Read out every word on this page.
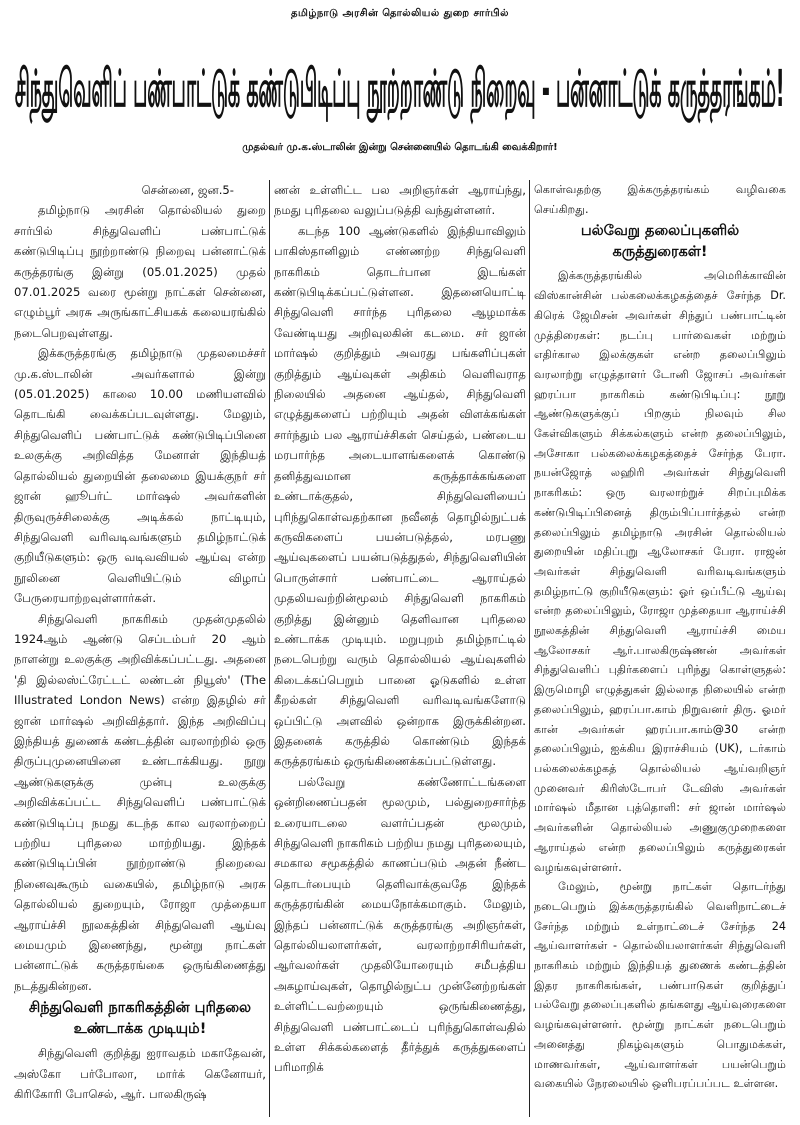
தமிழ்நாடு அரசின் தொல்லியல் துறை சார்பில்
சிந்துவெளிப் பண்பாட்டுக் கண்டுபிடிப்பு நூற்றாண்டு நிறைவு - பன்னாட்டுக் கருத்தரங்கம்!
முதல்வர் மு.க.ஸ்டாலின் இன்று சென்னையில் தொடங்கி வைக்கிறார்!

சென்னை, ஜன.5-

தமிழ்நாடு அரசின் தொல்லியல் துறை சார்பில் சிந்துவெளிப் பண்பாட்டுக் கண்டுபிடிப்பு நூற்றாண்டு நிறைவு பன்னாட்டுக் கருத்தரங்கு இன்று (05.01.2025) முதல் 07.01.2025 வரை மூன்று நாட்கள் சென்னை, எழும்பூர் அரசு அருங்காட்சியகக் கலையரங்கில் நடைபெறவுள்ளது.

இக்கருத்தரங்கு தமிழ்நாடு முதலமைச்சர் மு.க.ஸ்டாலின் அவர்களால் இன்று (05.01.2025) காலை 10.00 மணியளவில் தொடங்கி வைக்கப்படவுள்ளது. மேலும், சிந்துவெளிப் பண்பாட்டுக் கண்டுபிடிப்பினை உலகுக்கு அறிவித்த மேனாள் இந்தியத் தொல்லியல் துறையின் தலைமை இயக்குநர் சர் ஜான் ஹூபர்ட் மார்ஷல் அவர்களின் திருவுருச்சிலைக்கு அடிக்கல் நாட்டியும், சிந்துவெளி வரிவடிவங்களும் தமிழ்நாட்டுக் குறியீடுகளும்: ஒரு வடிவவியல் ஆய்வு என்ற நூலினை வெளியிட்டும் விழாப் பேருரையாற்றவுள்ளார்கள்.

சிந்துவெளி நாகரிகம் முதன்முதலில் 1924ஆம் ஆண்டு செப்டம்பர் 20 ஆம் நாளன்று உலகுக்கு அறிவிக்கப்பட்டது. அதனை 'தி இல்லஸ்ட்ரேட்டட் லண்டன் நியூஸ்' (The Illustrated London News) என்ற இதழில் சர் ஜான் மார்ஷல் அறிவித்தார். இந்த அறிவிப்பு இந்தியத் துணைக் கண்டத்தின் வரலாற்றில் ஒரு திருப்புமுனையினை உண்டாக்கியது. நூறு ஆண்டுகளுக்கு முன்பு உலகுக்கு அறிவிக்கப்பட்ட சிந்துவெளிப் பண்பாட்டுக் கண்டுபிடிப்பு நமது கடந்த கால வரலாற்றைப் பற்றிய புரிதலை மாற்றியது. இந்தக் கண்டுபிடிப்பின் நூற்றாண்டு நிறைவை நினைவுகூரும் வகையில், தமிழ்நாடு அரசு தொல்லியல் துறையும், ரோஜா முத்தையா ஆராய்ச்சி நூலகத்தின் சிந்துவெளி ஆய்வு மையமும் இணைந்து, மூன்று நாட்கள் பன்னாட்டுக் கருத்தரங்கை ஒருங்கிணைத்து நடத்துகின்றன.

சிந்துவெளி நாகரிகத்தின் புரிதலை உண்டாக்க முடியும்!

சிந்துவெளி குறித்து ஐராவதம் மகாதேவன், அஸ்கோ பர்போலா, மார்க் கெனோயர், கிரிகோரி போசெல், ஆர். பாலகிருஷ்

ணன் உள்ளிட்ட பல அறிஞர்கள் ஆராய்ந்து, நமது புரிதலை வலுப்படுத்தி வந்துள்ளனர்.

கடந்த 100 ஆண்டுகளில் இந்தியாவிலும் பாகிஸ்தானிலும் எண்ணற்ற சிந்துவெளி நாகரிகம் தொடர்பான இடங்கள் கண்டுபிடிக்கப்பட்டுள்ளன. இதனையொட்டி சிந்துவெளி சார்ந்த புரிதலை ஆழமாக்க வேண்டியது அறிவுலகின் கடமை. சர் ஜான் மார்ஷல் குறித்தும் அவரது பங்களிப்புகள் குறித்தும் ஆய்வுகள் அதிகம் வெளிவராத நிலையில் அதனை ஆய்தல், சிந்துவெளி எழுத்துகளைப் பற்றியும் அதன் விளக்கங்கள் சார்ந்தும் பல ஆராய்ச்சிகள் செய்தல், பண்டைய மரபார்ந்த அடையாளங்களைக் கொண்டு தனித்துவமான கருத்தாக்கங்களை உண்டாக்குதல், சிந்துவெளியைப் புரிந்துகொள்வதற்கான நவீனத் தொழில்நுட்பக் கருவிகளைப் பயன்படுத்தல், மரபணு ஆய்வுகளைப் பயன்படுத்துதல், சிந்துவெளியின் பொருள்சார் பண்பாட்டை ஆராய்தல் முதலியவற்றின்மூலம் சிந்துவெளி நாகரிகம் குறித்து இன்னும் தெளிவான புரிதலை உண்டாக்க முடியும். மறுபுறம் தமிழ்நாட்டில் நடைபெற்று வரும் தொல்லியல் ஆய்வுகளில் கிடைக்கப்பெறும் பானை ஓடுகளில் உள்ள கீறல்கள் சிந்துவெளி வரிவடிவங்களோடு ஒப்பிட்டு அளவில் ஒன்றாக இருக்கின்றன. இதனைக் கருத்தில் கொண்டும் இந்தக் கருத்தரங்கம் ஒருங்கிணைக்கப்பட்டுள்ளது.

பல்வேறு கண்ணோட்டங்களை ஒன்றிணைப்பதன் மூலமும், பல்துறைசார்ந்த உரையாடலை வளர்ப்பதன் மூலமும், சிந்துவெளி நாகரிகம் பற்றிய நமது புரிதலையும், சமகால சமூகத்தில் காணப்படும் அதன் நீண்ட தொடர்பையும் தெளிவாக்குவதே இந்தக் கருத்தரங்கின் மையநோக்கமாகும். மேலும், இந்தப் பன்னாட்டுக் கருத்தரங்கு அறிஞர்கள், தொல்லியலாளர்கள், வரலாற்றாசிரியர்கள், ஆர்வலர்கள் முதலியோரையும் சமீபத்திய அகழாய்வுகள், தொழில்நுட்ப முன்னேற்றங்கள் உள்ளிட்டவற்றையும் ஒருங்கிணைத்து, சிந்துவெளி பண்பாட்டைப் புரிந்துகொள்வதில் உள்ள சிக்கல்களைத் தீர்த்துக் கருத்துகளைப் பரிமாறிக்

கொள்வதற்கு இக்கருத்தரங்கம் வழிவகை செய்கிறது.

பல்வேறு தலைப்புகளில் கருத்துரைகள்!

இக்கருத்தரங்கில் அமெரிக்காவின் விஸ்கான்சின் பல்கலைக்கழகத்தைச் சேர்ந்த Dr. கிரெக் ஜேமிசன் அவர்கள் சிந்துப் பண்பாட்டின் முத்திரைகள்: நடப்பு பார்வைகள் மற்றும் எதிர்கால இலக்குகள் என்ற தலைப்பிலும் வரலாற்று எழுத்தாளர் டோனி ஜோசப் அவர்கள் ஹரப்பா நாகரிகம் கண்டுபிடிப்பு: நூறு ஆண்டுகளுக்குப் பிறகும் நிலவும் சில கேள்விகளும் சிக்கல்களும் என்ற தலைப்பிலும், அசோகா பல்கலைக்கழகத்தைச் சேர்ந்த பேரா. நயன்ஜோத் லஹிரி அவர்கள் சிந்துவெளி நாகரிகம்: ஒரு வரலாற்றுச் சிறப்புமிக்க கண்டுபிடிப்பினைத் திரும்பிப்பார்த்தல் என்ற தலைப்பிலும் தமிழ்நாடு அரசின் தொல்லியல் துறையின் மதிப்புறு ஆலோசகர் பேரா. ராஜன் அவர்கள் சிந்துவெளி வரிவடிவங்களும் தமிழ்நாட்டு குறியீடுகளும்: ஓர் ஒப்பீட்டு ஆய்வு என்ற தலைப்பிலும், ரோஜா முத்தையா ஆராய்ச்சி நூலகத்தின் சிந்துவெளி ஆராய்ச்சி மைய ஆலோசகர் ஆர்.பாலகிருஷ்ணன் அவர்கள் சிந்துவெளிப் புதிர்களைப் புரிந்து கொள்ளுதல்: இருமொழி எழுத்துகள் இல்லாத நிலையில் என்ற தலைப்பிலும், ஹரப்பா.காம் நிறுவனர் திரு. ஓமர் கான் அவர்கள் ஹரப்பா.காம்@30 என்ற தலைப்பிலும், ஐக்கிய இராச்சியம் (UK), டர்காம் பல்கலைக்கழகத் தொல்லியல் ஆய்வறிஞர் முனைவர் கிரிஸ்டோபர் டேவிஸ் அவர்கள் மார்ஷல் மீதான புத்தொளி: சர் ஜான் மார்ஷல் அவர்களின் தொல்லியல் அணுகுமுறைகளை ஆராய்தல் என்ற தலைப்பிலும் கருத்துரைகள் வழங்கவுள்ளனர்.

மேலும், மூன்று நாட்கள் தொடர்ந்து நடைபெறும் இக்கருத்தரங்கில் வெளிநாட்டைச் சேர்ந்த மற்றும் உள்நாட்டைச் சேர்ந்த 24 ஆய்வாளர்கள் - தொல்லியலாளர்கள் சிந்துவெளி நாகரிகம் மற்றும் இந்தியத் துணைக் கண்டத்தின் இதர நாகரிகங்கள், பண்பாடுகள் குறித்துப் பல்வேறு தலைப்புகளில் தங்களது ஆய்வுரைகளை வழங்கவுள்ளனர். மூன்று நாட்கள் நடைபெறும் அனைத்து நிகழ்வுகளும் பொதுமக்கள், மாணவர்கள், ஆய்வாளர்கள் பயன்பெறும் வகையில் நேரலையில் ஒளிபரப்பப்பட உள்ளன.
